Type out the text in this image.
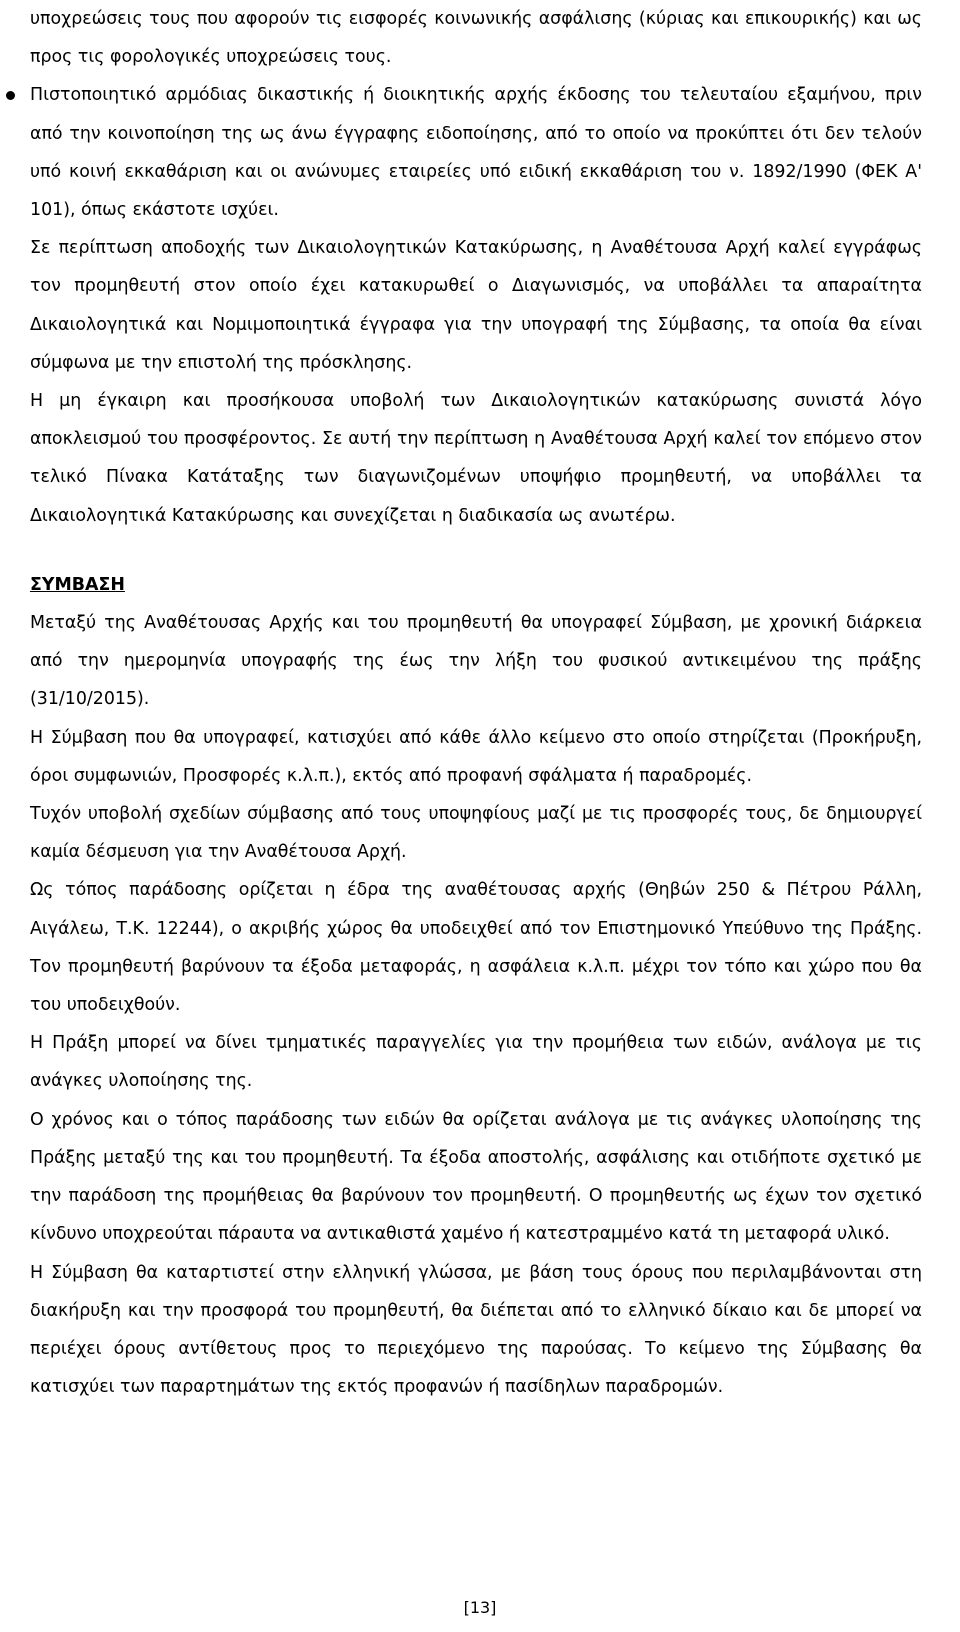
υποχρεώσεις τους που αφορούν τις εισφορές κοινωνικής ασφάλισης (κύριας και επικουρικής) και ως προς τις φορολογικές υποχρεώσεις τους.

Πιστοποιητικό αρμόδιας δικαστικής ή διοικητικής αρχής έκδοσης του τελευταίου εξαμήνου, πριν από την κοινοποίηση της ως άνω έγγραφης ειδοποίησης, από το οποίο να προκύπτει ότι δεν τελούν υπό κοινή εκκαθάριση και οι ανώνυμες εταιρείες υπό ειδική εκκαθάριση του ν. 1892/1990 (ΦΕΚ Α' 101), όπως εκάστοτε ισχύει.

Σε περίπτωση αποδοχής των Δικαιολογητικών Κατακύρωσης, η Αναθέτουσα Αρχή καλεί εγγράφως τον προμηθευτή στον οποίο έχει κατακυρωθεί ο Διαγωνισμός, να υποβάλλει τα απαραίτητα Δικαιολογητικά και Νομιμοποιητικά έγγραφα για την υπογραφή της Σύμβασης, τα οποία θα είναι σύμφωνα με την επιστολή της πρόσκλησης.

Η μη έγκαιρη και προσήκουσα υποβολή των Δικαιολογητικών κατακύρωσης συνιστά λόγο αποκλεισμού του προσφέροντος. Σε αυτή την περίπτωση η Αναθέτουσα Αρχή καλεί τον επόμενο στον τελικό Πίνακα Κατάταξης των διαγωνιζομένων υποψήφιο προμηθευτή, να υποβάλλει τα Δικαιολογητικά Κατακύρωσης και συνεχίζεται η διαδικασία ως ανωτέρω.

ΣΥΜΒΑΣΗ

Μεταξύ της Αναθέτουσας Αρχής και του προμηθευτή θα υπογραφεί Σύμβαση, με χρονική διάρκεια από την ημερομηνία υπογραφής της έως την λήξη του φυσικού αντικειμένου της πράξης (31/10/2015).

Η Σύμβαση που θα υπογραφεί, κατισχύει από κάθε άλλο κείμενο στο οποίο στηρίζεται (Προκήρυξη, όροι συμφωνιών, Προσφορές κ.λ.π.), εκτός από προφανή σφάλματα ή παραδρομές.

Τυχόν υποβολή σχεδίων σύμβασης από τους υποψηφίους μαζί με τις προσφορές τους, δε δημιουργεί καμία δέσμευση για την Αναθέτουσα Αρχή.

Ως τόπος παράδοσης ορίζεται η έδρα της αναθέτουσας αρχής (Θηβών 250 & Πέτρου Ράλλη, Αιγάλεω, Τ.Κ. 12244), ο ακριβής χώρος θα υποδειχθεί από τον Επιστημονικό Υπεύθυνο της Πράξης. Τον προμηθευτή βαρύνουν τα έξοδα μεταφοράς, η ασφάλεια κ.λ.π. μέχρι τον τόπο και χώρο που θα του υποδειχθούν.

Η Πράξη μπορεί να δίνει τμηματικές παραγγελίες για την προμήθεια των ειδών, ανάλογα με τις ανάγκες υλοποίησης της.

Ο χρόνος και ο τόπος παράδοσης των ειδών θα ορίζεται ανάλογα με τις ανάγκες υλοποίησης της Πράξης μεταξύ της και του προμηθευτή. Τα έξοδα αποστολής, ασφάλισης και οτιδήποτε σχετικό με την παράδοση της προμήθειας θα βαρύνουν τον προμηθευτή. Ο προμηθευτής ως έχων τον σχετικό κίνδυνο υποχρεούται πάραυτα να αντικαθιστά χαμένο ή κατεστραμμένο κατά τη μεταφορά υλικό.

Η Σύμβαση θα καταρτιστεί στην ελληνική γλώσσα, με βάση τους όρους που περιλαμβάνονται στη διακήρυξη και την προσφορά του προμηθευτή, θα διέπεται από το ελληνικό δίκαιο και δε μπορεί να περιέχει όρους αντίθετους προς το περιεχόμενο της παρούσας. Το κείμενο της Σύμβασης θα κατισχύει των παραρτημάτων της εκτός προφανών ή πασίδηλων παραδρομών.

[13]
